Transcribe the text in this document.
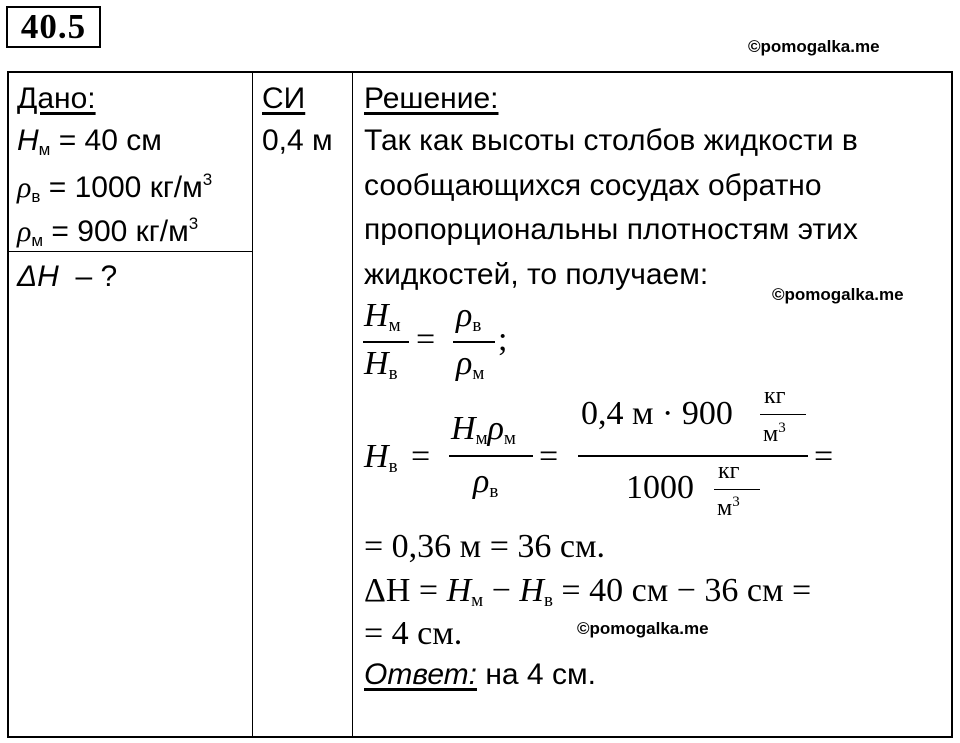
40.5
©pomogalka.me
Дано:
$H_м = 40$ см
$\rho_в = 1000$ $кг/м^3$
$\rho_м = 900$ $кг/м^3$
ΔH  – ?
СИ
0,4 м
Решение:
Так как высоты столбов жидкости в
сообщающихся сосудах обратно
пропорциональны плотностям этих
жидкостей, то получаем:
©pomogalka.me
$H_м$
$H_в$
=
$\rho_в$
$\rho_м$
;
$H_в$ =
$H_м\rho_м$
$\rho_в$
=
0,4 м · 900 кг
$м^3$
1000 кг
$м^3$
=
= 0,36 м = 36 см.
$\Delta H = H_м - H_в = 40$ см − 36 см =
= 4 см.	©pomogalka.me
Ответ: на 4 см.
